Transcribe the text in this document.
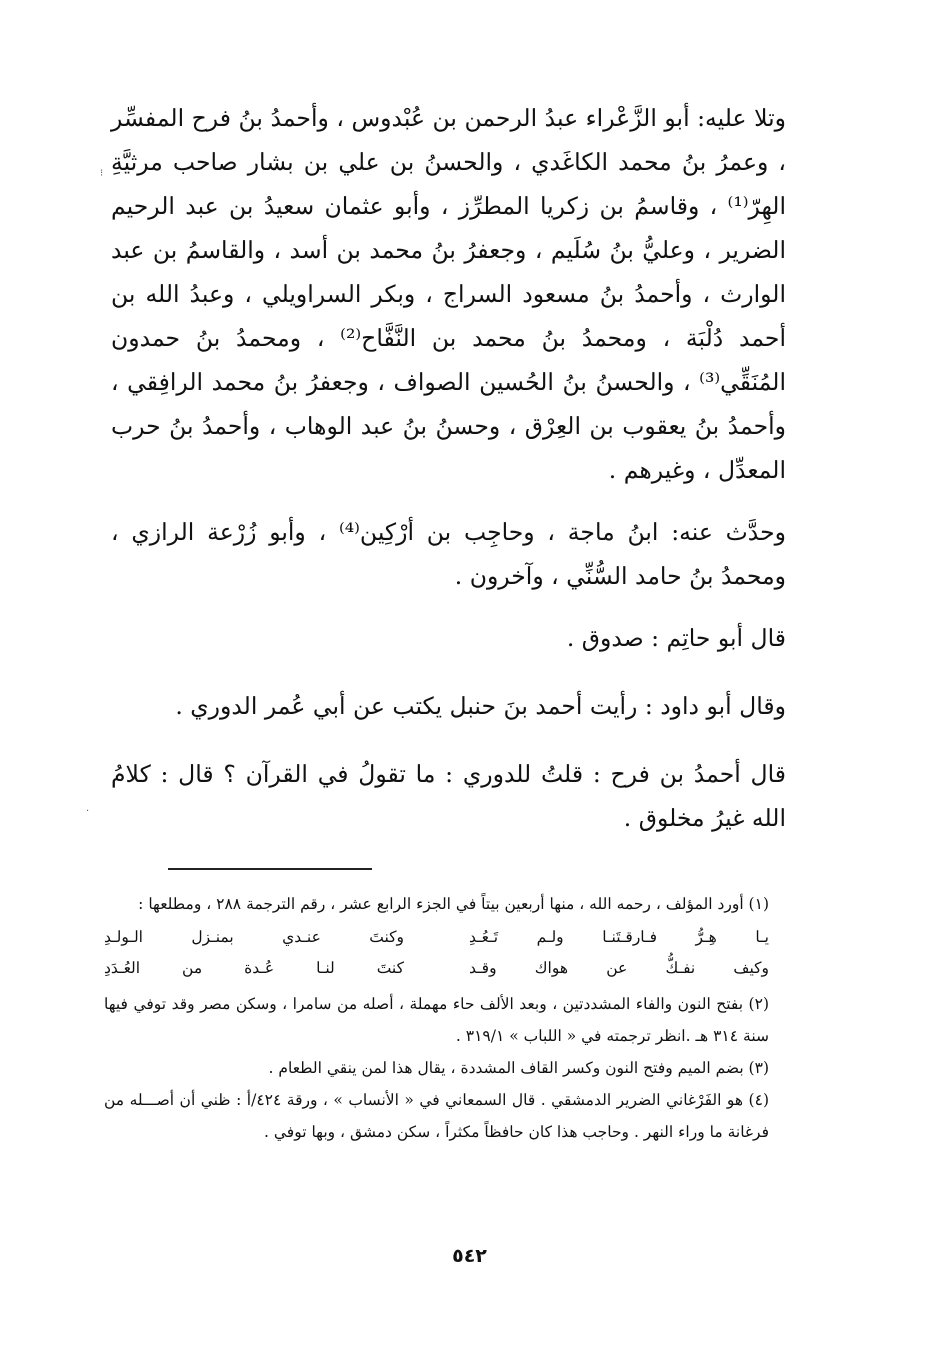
وتلا عليه: أبو الزَّعْراء عبدُ الرحمن بن عُبْدوس ، وأحمدُ بنُ فرح المفسِّر ، وعمرُ بنُ محمد الكاغَدي ، والحسنُ بن علي بن بشار صاحب مرثيَّةِ الهِرّ⁽¹⁾ ، وقاسمُ بن زكريا المطرِّز ، وأبو عثمان سعيدُ بن عبد الرحيم الضرير ، وعليُّ بنُ سُلَيم ، وجعفرُ بنُ محمد بن أسد ، والقاسمُ بن عبد الوارث ، وأحمدُ بنُ مسعود السراج ، وبكر السراويلي ، وعبدُ الله بن أحمد دُلْبَة ، ومحمدُ بنُ محمد بن النَّفَّاح⁽²⁾ ، ومحمدُ بنُ حمدون المُنَقِّي⁽³⁾ ، والحسنُ بنُ الحُسين الصواف ، وجعفرُ بنُ محمد الرافِقي ، وأحمدُ بنُ يعقوب بن العِرْق ، وحسنُ بنُ عبد الوهاب ، وأحمدُ بنُ حرب المعدِّل ، وغيرهم .

وحدَّث عنه: ابنُ ماجة ، وحاجِب بن أرْكِين⁽⁴⁾ ، وأبو زُرْعة الرازي ، ومحمدُ بنُ حامد السُّنِّي ، وآخرون .

قال أبو حاتِم : صدوق .

وقال أبو داود : رأيت أحمد بنَ حنبل يكتب عن أبي عُمر الدوري .

قال أحمدُ بن فرح : قلتُ للدوري : ما تقولُ في القرآن ؟ قال : كلامُ الله غيرُ مخلوق .

(١) أورد المؤلف ، رحمه الله ، منها أربعين بيتاً في الجزء الرابع عشر ، رقم الترجمة ٢٨٨ ، ومطلعها :

يـا هِـرُّ فـارقـتَنـا ولـم تَـعُـدِ
وكيف نفـكُّ عن هواك وقـد
وكنتَ عنـدي بمنـزل الـولـدِ
كنتَ لنـا عُـدة من العُـدَدِ

(٢) بفتح النون والفاء المشددتين ، وبعد الألف حاء مهملة ، أصله من سامرا ، وسكن مصر وقد توفي فيها سنة ٣١٤ هـ .انظر ترجمته في « اللباب » ٣١٩/١ .

(٣) بضم الميم وفتح النون وكسر القاف المشددة ، يقال هذا لمن ينقي الطعام .

(٤) هو الفَرْغاني الضرير الدمشقي . قال السمعاني في « الأنساب » ، ورقة ٤٢٤/أ : ظني أن أصـــله من فرغانة ما وراء النهر . وحاجب هذا كان حافظاً مكثراً ، سكن دمشق ، وبها توفي .

٥٤٢
⁝
·
